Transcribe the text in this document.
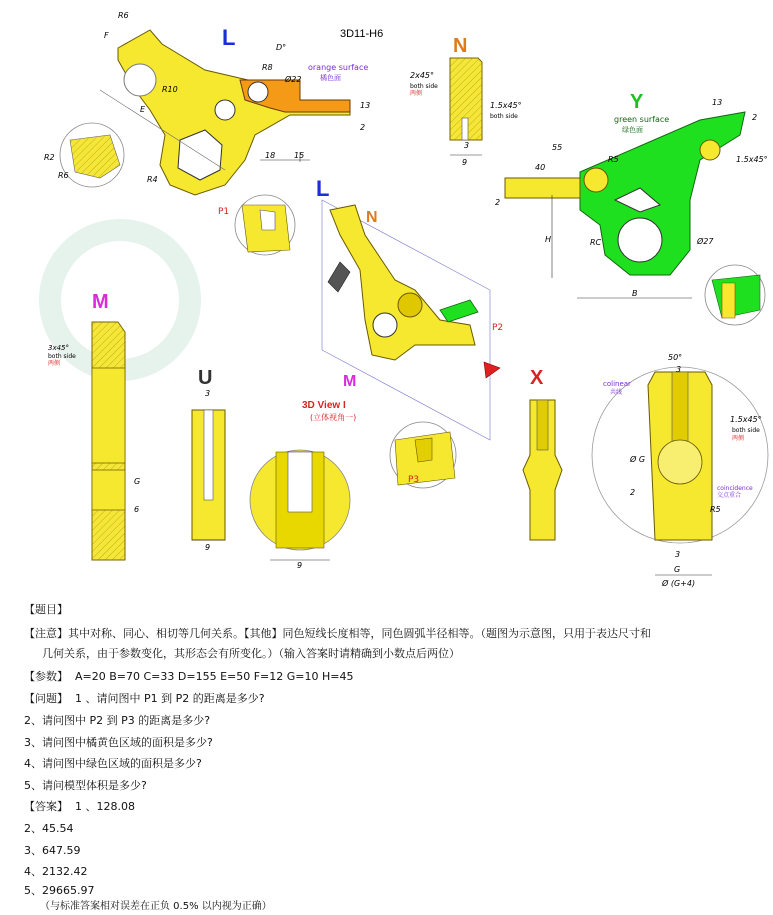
3D11-H6
L
R6
F
D°
R8
R10
Ø22
E
R4
18 15
13
2
orange surface
橘色面
R2
R6
N
2x45°
both side
两侧
1.5x45°
both side
3
9
Y
green surface
绿色面
55
40
R5
13
2
1.5x45°
H	RC
B
Ø27
2
L
N
M
3D View I
(立体视角一)
P1
P2
P3
M
3x45°
both side
两侧
G
6
U
3
9
9
X
50°
3
colinear
共线
1.5x45°
both side
两侧
Ø G
coincidence
交点重合
2
R5
3
G
Ø (G+4)
【题目】
【注意】其中对称、同心、相切等几何关系。【其他】同色短线长度相等，同色圆弧半径相等。（题图为示意图，只用于表达尺寸和
几何关系，由于参数变化，其形态会有所变化。）（输入答案时请精确到小数点后两位）
【参数】 A=20 B=70 C=33 D=155 E=50 F=12 G=10 H=45
【问题】 1 、请问图中 P1 到 P2 的距离是多少?
2、请问图中 P2 到 P3 的距离是多少?
3、请问图中橘黄色区域的面积是多少?
4、请问图中绿色区域的面积是多少?
5、请问模型体积是多少?
【答案】 1 、128.08
2、45.54
3、647.59
4、2132.42
5、29665.97
（与标准答案相对误差在正负 0.5% 以内视为正确）
